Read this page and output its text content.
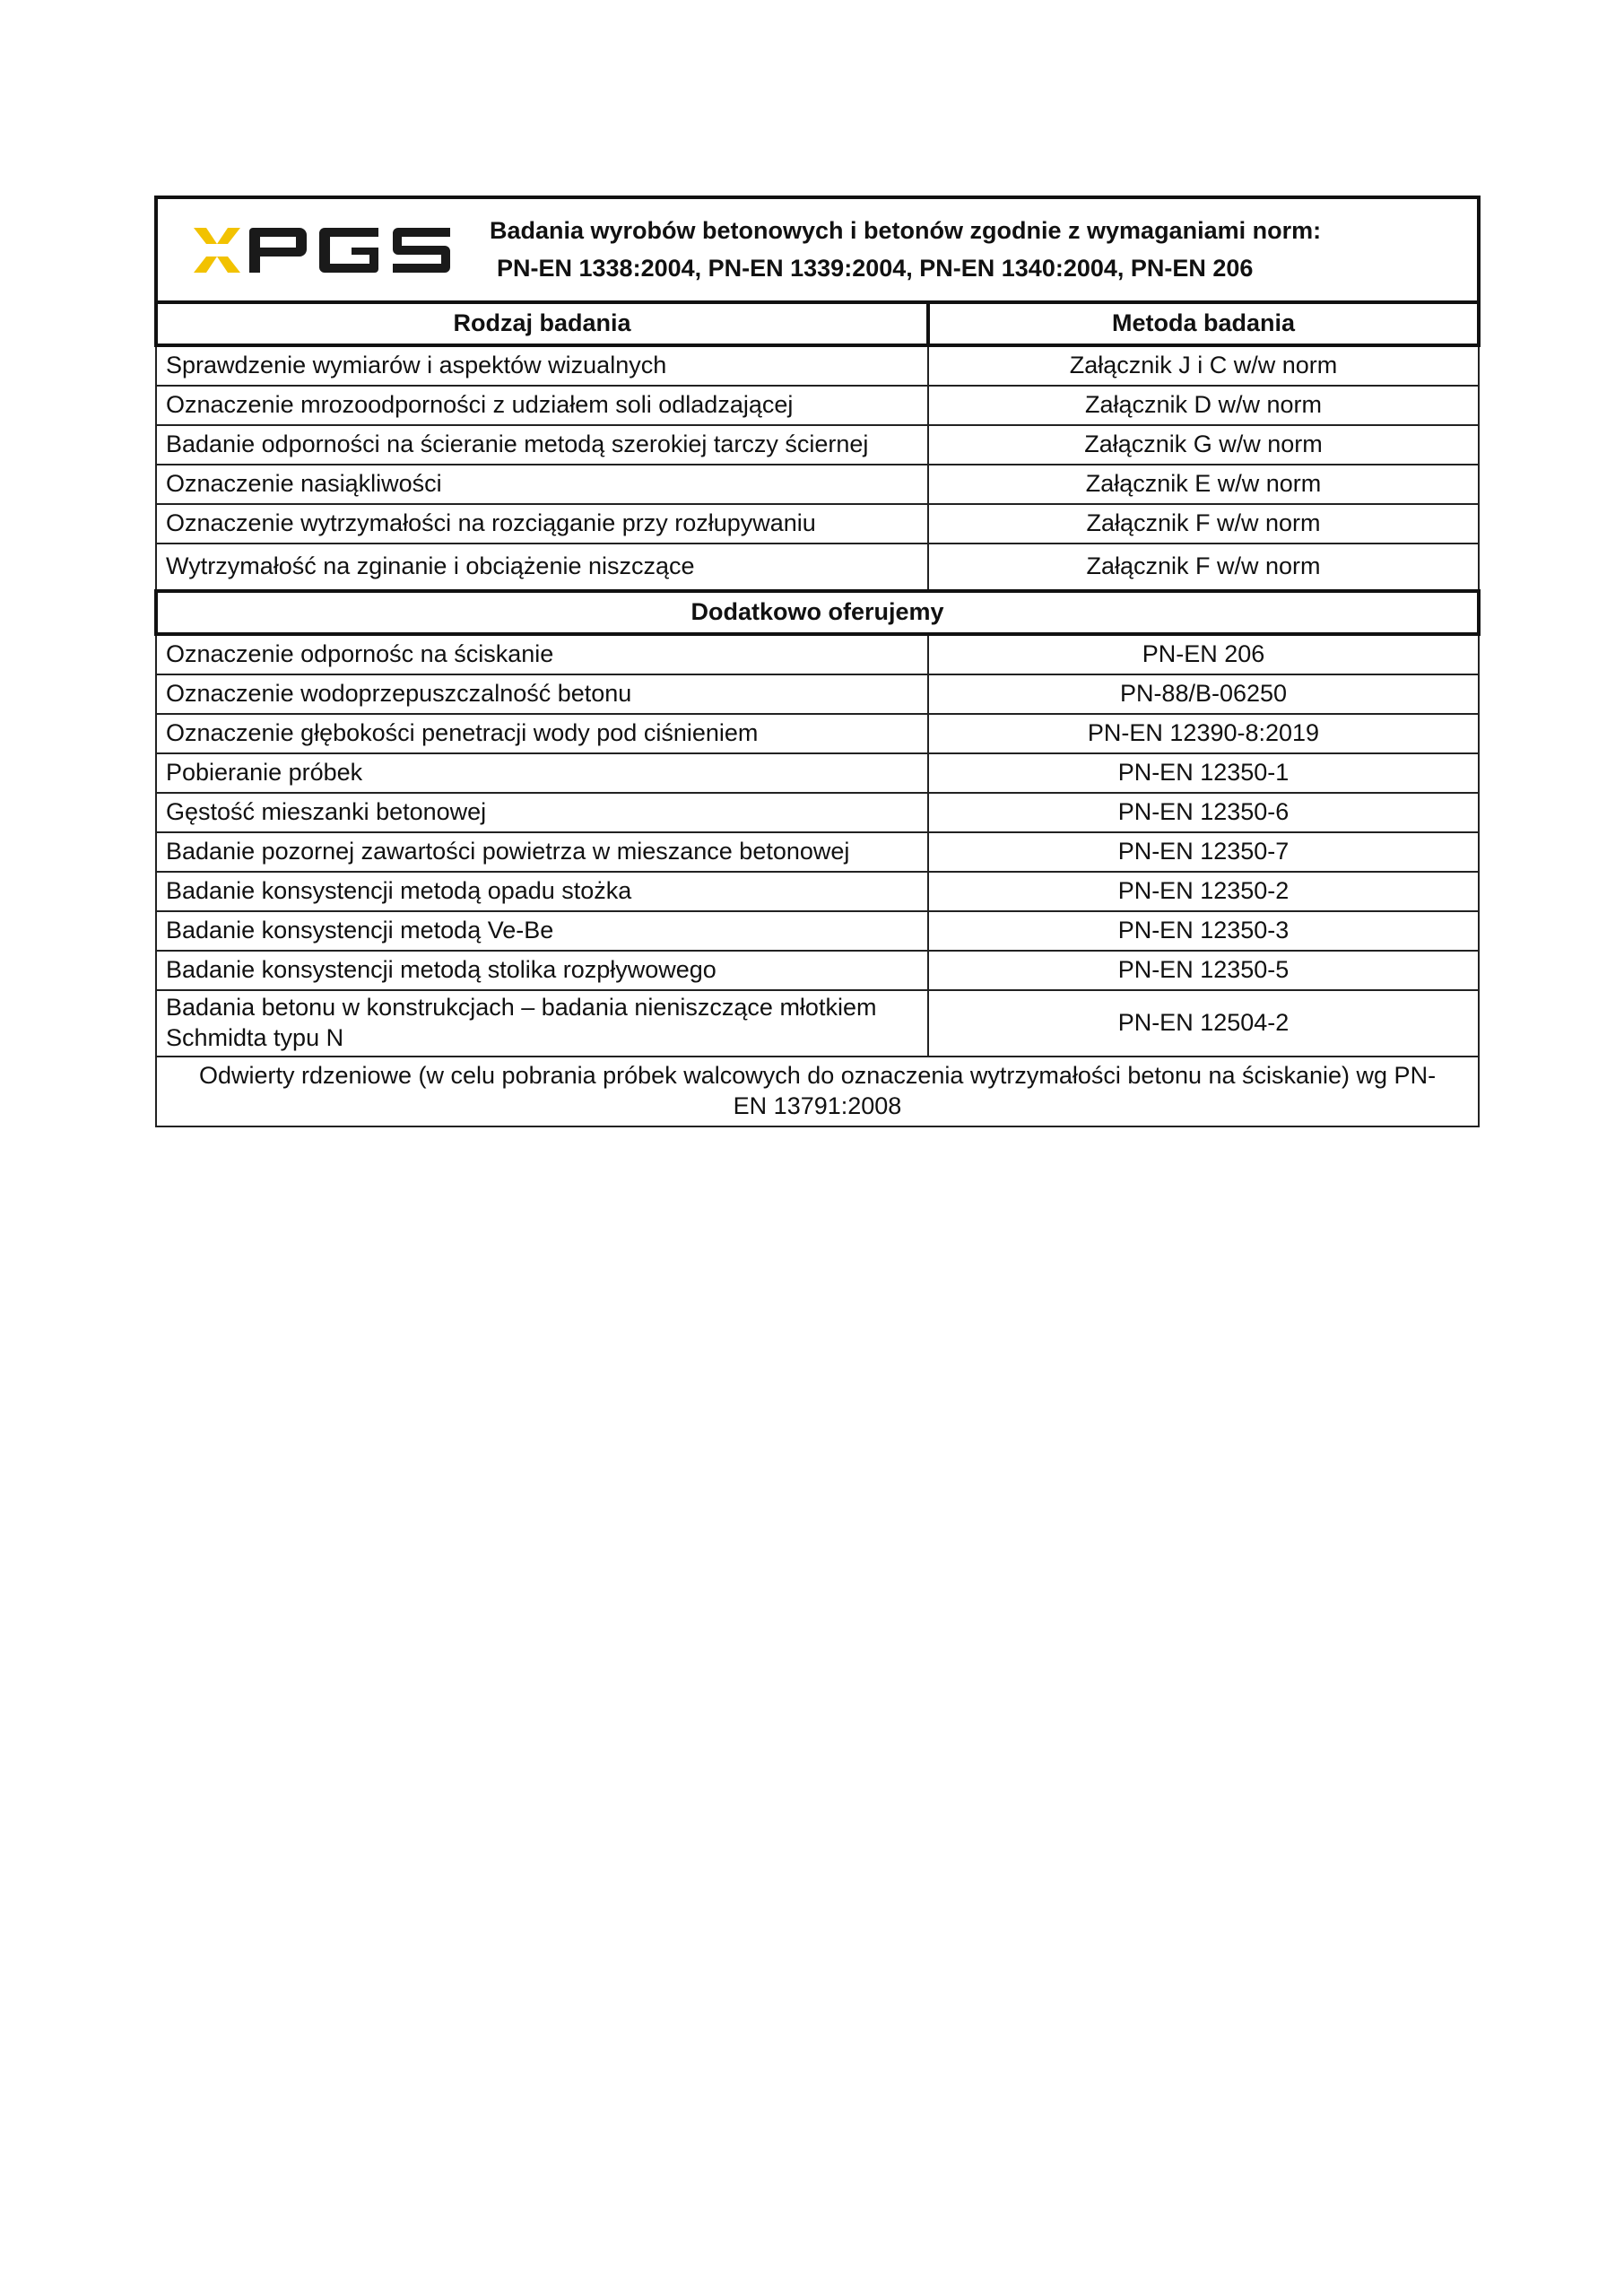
Badania wyrobów betonowych i betonów zgodnie z wymaganiami norm:
PN-EN 1338:2004, PN-EN 1339:2004, PN-EN 1340:2004, PN-EN 206	

Rodzaj badania	Metoda badania
Sprawdzenie wymiarów i aspektów wizualnych	Załącznik J i C w/w norm
Oznaczenie mrozoodporności z udziałem soli odladzającej	Załącznik D w/w norm
Badanie odporności na ścieranie metodą szerokiej tarczy ściernej	Załącznik G w/w norm
Oznaczenie nasiąkliwości	Załącznik E w/w norm
Oznaczenie wytrzymałości na rozciąganie przy rozłupywaniu	Załącznik F w/w norm
Wytrzymałość na zginanie i obciążenie niszczące	Załącznik F w/w norm
Dodatkowo oferujemy	
Oznaczenie odpornośc na ściskanie	PN-EN 206
Oznaczenie wodoprzepuszczalność betonu	PN-88/B-06250
Oznaczenie głębokości penetracji wody pod ciśnieniem	PN-EN 12390-8:2019
Pobieranie próbek	PN-EN 12350-1
Gęstość mieszanki betonowej	PN-EN 12350-6
Badanie pozornej zawartości powietrza w mieszance betonowej	PN-EN 12350-7
Badanie konsystencji metodą opadu stożka	PN-EN 12350-2
Badanie konsystencji metodą Ve-Be	PN-EN 12350-3
Badanie konsystencji metodą stolika rozpływowego	PN-EN 12350-5

Badania betonu w konstrukcjach – badania nieniszczące młotkiem
Schmidta typu N	PN-EN 12504-2

Odwierty rdzeniowe (w celu pobrania próbek walcowych do oznaczenia wytrzymałości betonu na ściskanie) wg PN-
EN 13791:2008	
